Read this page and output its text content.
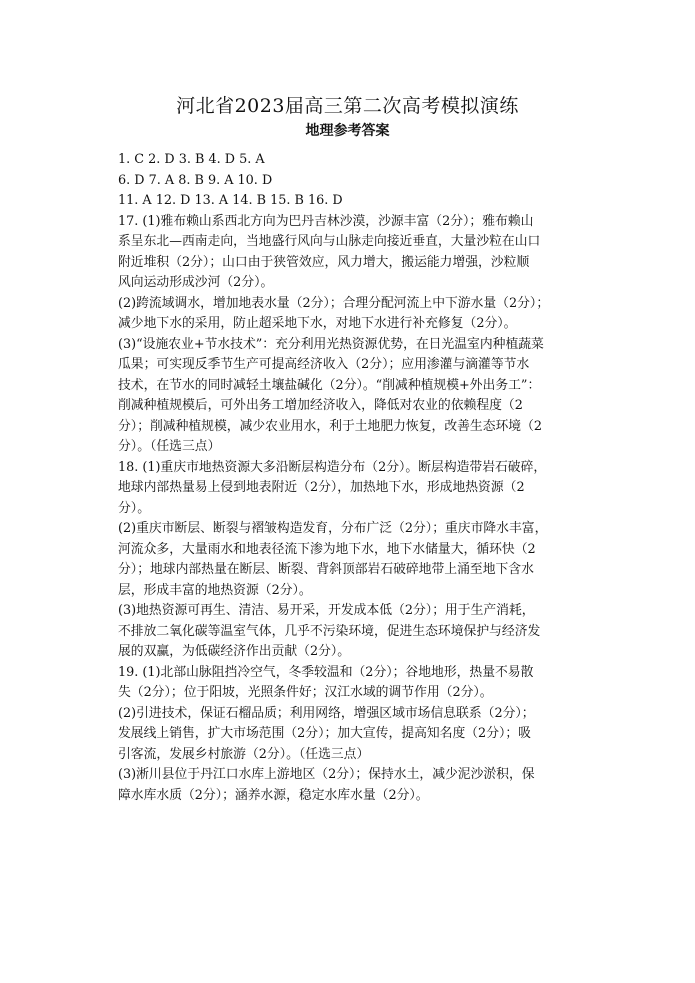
河北省2023届高三第二次高考模拟演练
地理参考答案
1. C 2. D 3. B 4. D 5. A
6. D 7. A 8. B 9. A 10. D
11. A 12. D 13. A 14. B 15. B 16. D
17. (1)雅布赖山系西北方向为巴丹吉林沙漠，沙源丰富（2分）；雅布赖山
系呈东北—西南走向，当地盛行风向与山脉走向接近垂直，大量沙粒在山口
附近堆积（2分）；山口由于狭管效应，风力增大，搬运能力增强，沙粒顺
风向运动形成沙河（2分）。
(2)跨流域调水，增加地表水量（2分）；合理分配河流上中下游水量（2分）；
减少地下水的采用，防止超采地下水，对地下水进行补充修复（2分）。
(3)“设施农业+节水技术”：充分利用光热资源优势，在日光温室内种植蔬菜
瓜果；可实现反季节生产可提高经济收入（2分）；应用渗灌与滴灌等节水
技术，在节水的同时减轻土壤盐碱化（2分）。“削减种植规模+外出务工”：
削减种植规模后，可外出务工增加经济收入，降低对农业的依赖程度（2
分）；削减种植规模，减少农业用水，利于土地肥力恢复，改善生态环境（2
分）。（任选三点）
18. (1)重庆市地热资源大多沿断层构造分布（2分）。断层构造带岩石破碎，
地球内部热量易上侵到地表附近（2分），加热地下水，形成地热资源（2
分）。
(2)重庆市断层、断裂与褶皱构造发育，分布广泛（2分）；重庆市降水丰富，
河流众多，大量雨水和地表径流下渗为地下水，地下水储量大，循环快（2
分）；地球内部热量在断层、断裂、背斜顶部岩石破碎地带上涌至地下含水
层，形成丰富的地热资源（2分）。
(3)地热资源可再生、清洁、易开采，开发成本低（2分）；用于生产消耗，
不排放二氧化碳等温室气体，几乎不污染环境，促进生态环境保护与经济发
展的双赢，为低碳经济作出贡献（2分）。
19. (1)北部山脉阻挡冷空气，冬季较温和（2分）；谷地地形，热量不易散
失（2分）；位于阳坡，光照条件好；汉江水域的调节作用（2分）。
(2)引进技术，保证石榴品质；利用网络，增强区域市场信息联系（2分）；
发展线上销售，扩大市场范围（2分）；加大宣传，提高知名度（2分）；吸
引客流，发展乡村旅游（2分）。（任选三点）
(3)淅川县位于丹江口水库上游地区（2分）；保持水土，减少泥沙淤积，保
障水库水质（2分）；涵养水源，稳定水库水量（2分）。
